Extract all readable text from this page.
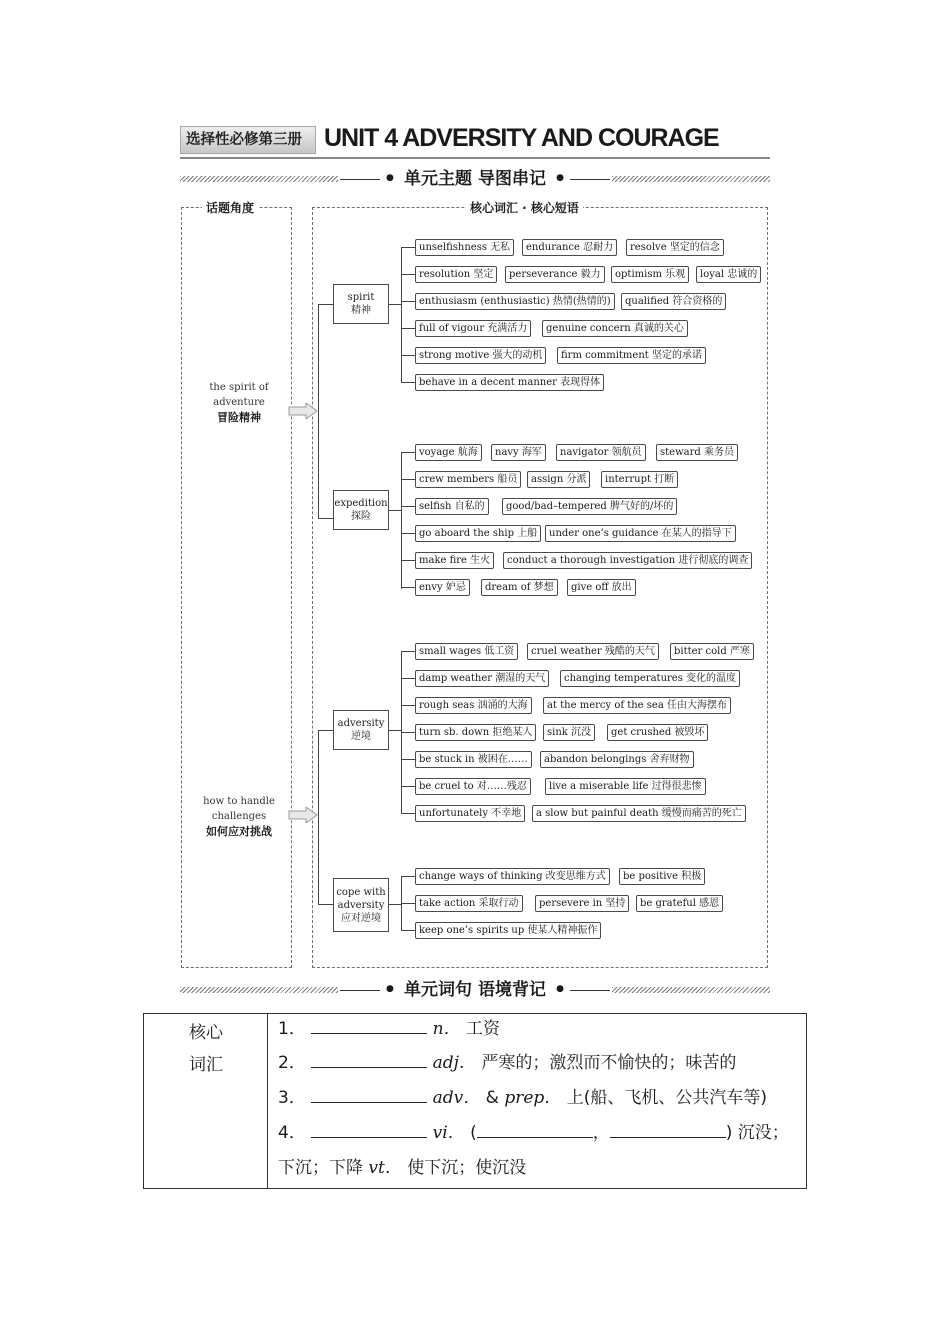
选择性必修第三册 UNIT 4 ADVERSITY AND COURAGE
● 单元主题 导图串记	●
话题角度	核心词汇 · 核心短语
the spirit of
adventure
冒险精神
how to handle
challenges
如何应对挑战
spirit
精神
expedition
探险
adversity
逆境
cope with adversity
应对逆境
unselfishness 无私	endurance 忍耐力	resolve 坚定的信念
resolution 坚定	perseverance 毅力	optimism 乐观	loyal 忠诚的
enthusiasm (enthusiastic) 热情(热情的)	qualified 符合资格的
full of vigour 充满活力	genuine concern 真诚的关心
strong motive 强大的动机	firm commitment 坚定的承诺
behave in a decent manner 表现得体
voyage 航海	navy 海军	navigator 领航员	steward 乘务员
crew members 船员	assign 分派	interrupt 打断
selfish 自私的	good/bad–tempered 脾气好的/坏的
go aboard the ship 上船	under one’s guidance 在某人的指导下
make fire 生火	conduct a thorough investigation 进行彻底的调查
envy 妒忌	dream of 梦想	give off 放出
small wages 低工资	cruel weather 残酷的天气	bitter cold 严寒
damp weather 潮湿的天气	changing temperatures 变化的温度
rough seas 汹涌的大海	at the mercy of the sea 任由大海摆布
turn sb. down 拒绝某人	sink 沉没	get crushed 被毁坏
be stuck in 被困在……	abandon belongings 舍弃财物
be cruel to 对……残忍	live a miserable life 过得很悲惨
unfortunately 不幸地	a slow but painful death 缓慢而痛苦的死亡
change ways of thinking 改变思维方式	be positive 积极
take action 采取行动	persevere in 坚持	be grateful 感恩
keep one’s spirits up 使某人精神振作
● 单元词句 语境背记	●
核心
词汇
1．	n． 工资
2．	adj． 严寒的；激烈而不愉快的；味苦的
3．	adv． & prep． 上(船、飞机、公共汽车等)
4．	vi． (	，	) 沉没；
下沉；下降 vt． 使下沉；使沉没
